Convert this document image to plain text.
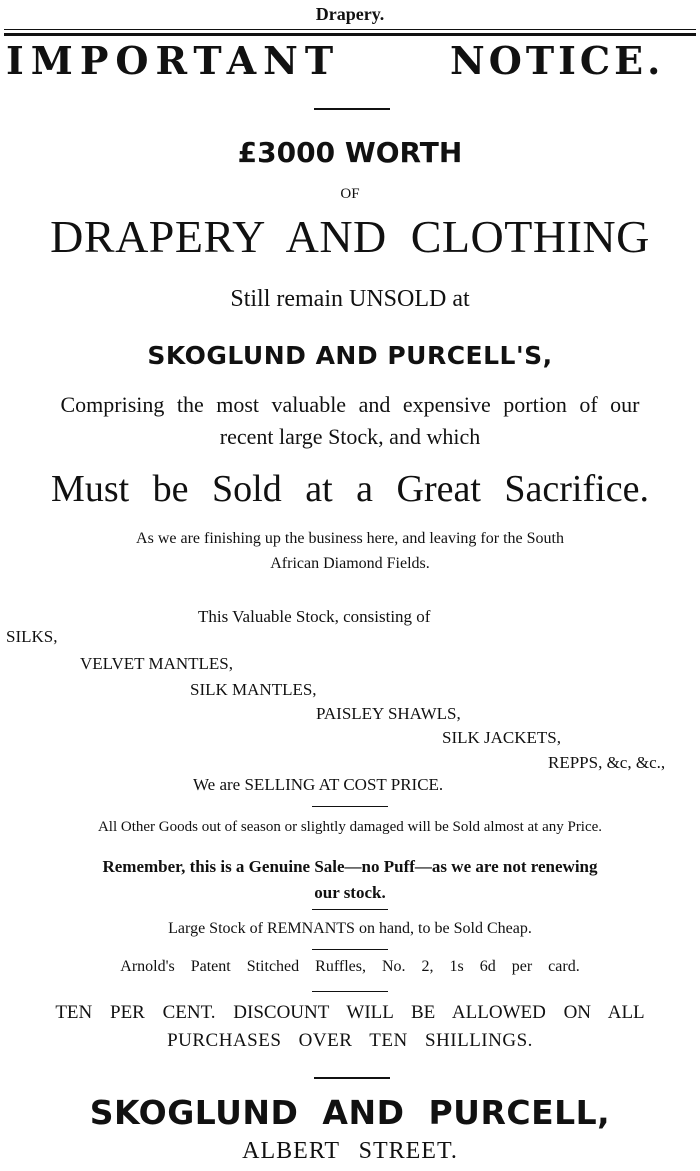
Drapery.
IMPORTANT	NOTICE.
£3000 WORTH
OF
DRAPERY AND CLOTHING
Still remain UNSOLD at
SKOGLUND AND PURCELL'S,
Comprising the most valuable and expensive portion of our
recent large Stock, and which
Must be Sold at a Great Sacrifice.
As we are finishing up the business here, and leaving for the South
African Diamond Fields.
This Valuable Stock, consisting of
SILKS,
VELVET MANTLES,
SILK MANTLES,
PAISLEY SHAWLS,
SILK JACKETS,
REPPS, &c, &c.,
We are SELLING AT COST PRICE.
All Other Goods out of season or slightly damaged will be Sold almost at any Price.
Remember, this is a Genuine Sale—no Puff—as we are not renewing
our stock.
Large Stock of REMNANTS on hand, to be Sold Cheap.
Arnold's Patent Stitched Ruffles, No. 2, 1s 6d per card.
TEN PER CENT. DISCOUNT WILL BE ALLOWED ON ALL
PURCHASES OVER TEN SHILLINGS.
SKOGLUND AND PURCELL,
ALBERT STREET.
